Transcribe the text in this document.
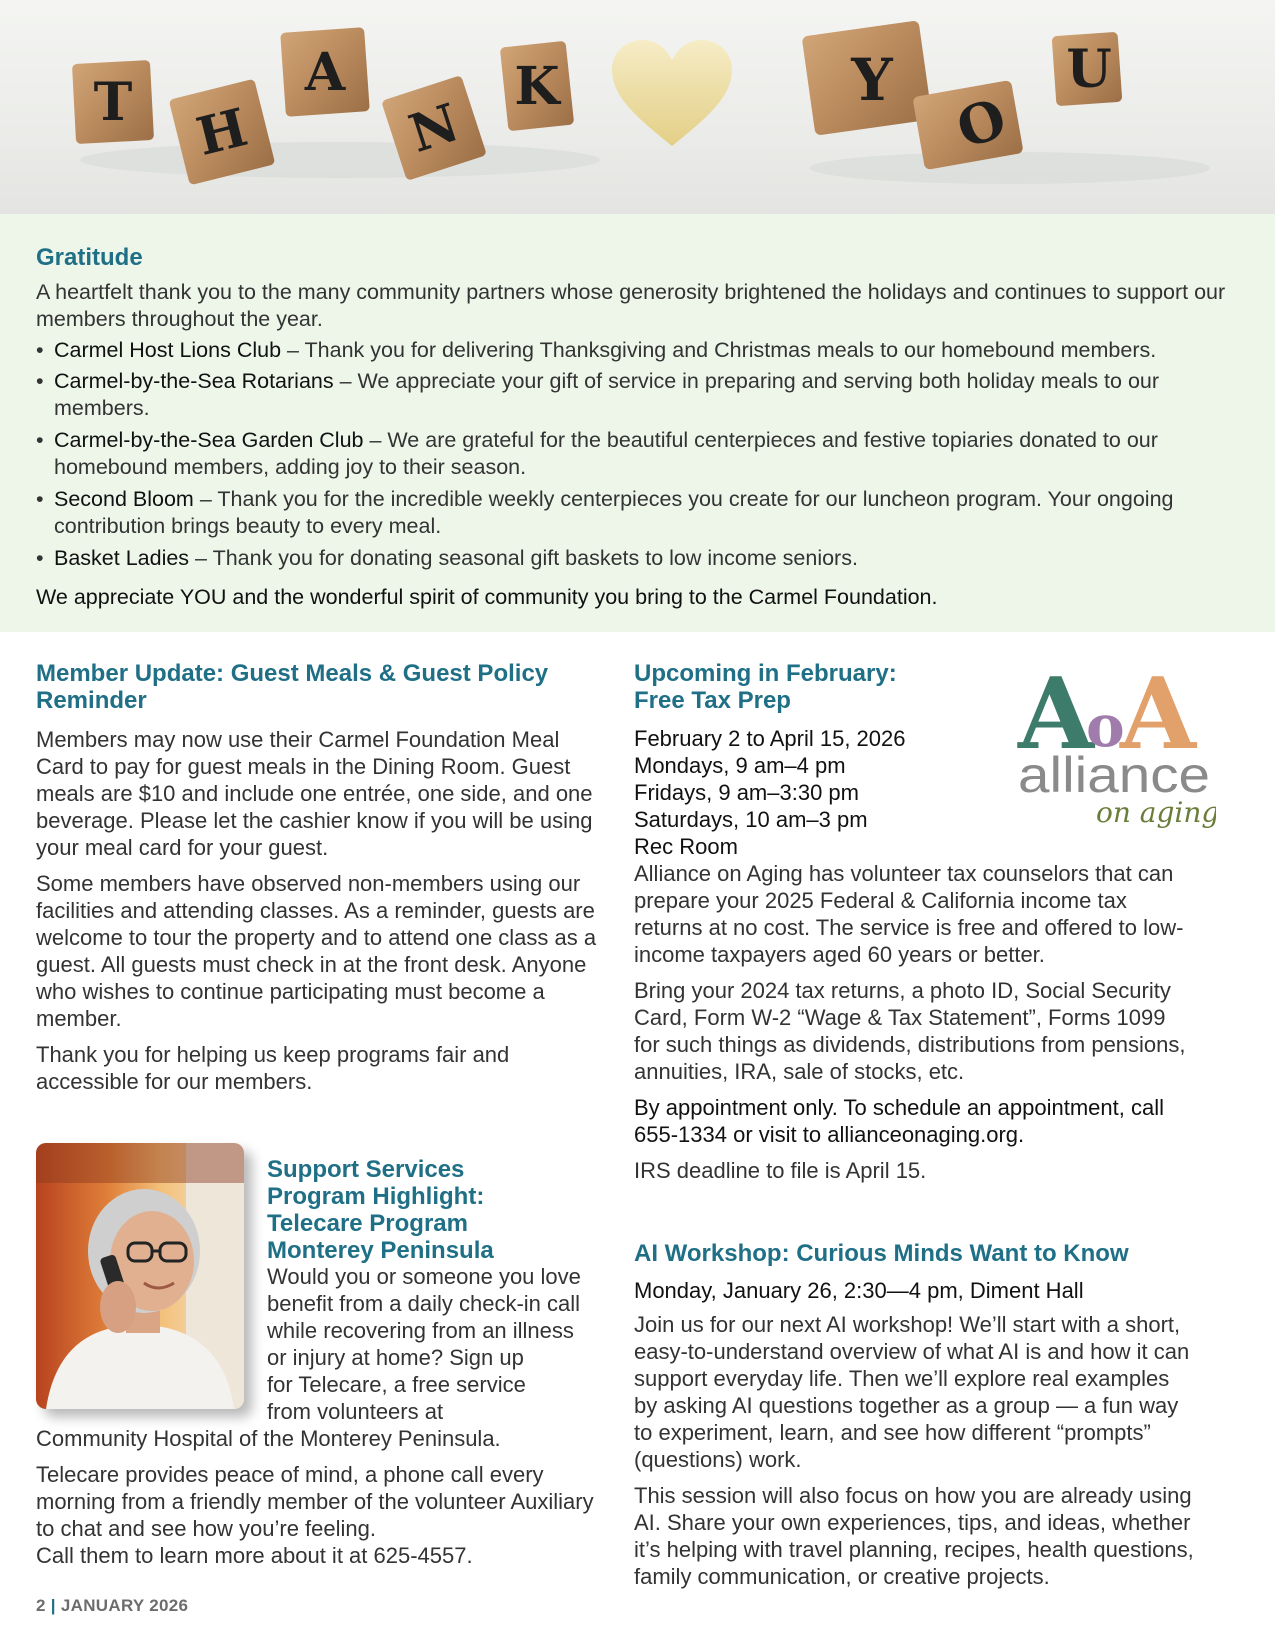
T H
A
N
K	Y
O
U
Gratitude

A heartfelt thank you to the many community partners whose generosity brightened the holidays and continues to support our members throughout the year.

• Carmel Host Lions Club – Thank you for delivering Thanksgiving and Christmas meals to our homebound members.
• Carmel-by-the-Sea Rotarians – We appreciate your gift of service in preparing and serving both holiday meals to our members.
• Carmel-by-the-Sea Garden Club – We are grateful for the beautiful centerpieces and festive topiaries donated to our homebound members, adding joy to their season.
• Second Bloom – Thank you for the incredible weekly centerpieces you create for our luncheon program. Your ongoing contribution brings beauty to every meal.
• Basket Ladies – Thank you for donating seasonal gift baskets to low income seniors.

We appreciate YOU and the wonderful spirit of community you bring to the Carmel Foundation.

Member Update: Guest Meals & Guest Policy Reminder

Members may now use their Carmel Foundation Meal Card to pay for guest meals in the Dining Room. Guest meals are $10 and include one entrée, one side, and one beverage. Please let the cashier know if you will be using your meal card for your guest.

Some members have observed non-members using our facilities and attending classes. As a reminder, guests are welcome to tour the property and to attend one class as a guest. All guests must check in at the front desk. Anyone who wishes to continue participating must become a member.

Thank you for helping us keep programs fair and accessible for our members.

Support Services
Program Highlight:
Telecare Program
Monterey Peninsula
Would you or someone you love
benefit from a daily check-in call
while recovering from an illness
or injury at home? Sign up
for Telecare, a free service
from volunteers at

Community Hospital of the Monterey Peninsula.

Telecare provides peace of mind, a phone call every morning from a friendly member of the volunteer Auxiliary to chat and see how you’re feeling.

Call them to learn more about it at 625-4557.

A
o
A
alliance
on aging
Upcoming in February:
Free Tax Prep
February 2 to April 15, 2026
Mondays, 9 am–4 pm
Fridays, 9 am–3:30 pm
Saturdays, 10 am–3 pm
Rec Room

Alliance on Aging has volunteer tax counselors that can prepare your 2025 Federal & California income tax returns at no cost. The service is free and offered to low-income taxpayers aged 60 years or better.

Bring your 2024 tax returns, a photo ID, Social Security Card, Form W-2 “Wage & Tax Statement”, Forms 1099 for such things as dividends, distributions from pensions, annuities, IRA, sale of stocks, etc.

By appointment only. To schedule an appointment, call 655-1334 or visit to allianceonaging.org.

IRS deadline to file is April 15.

AI Workshop: Curious Minds Want to Know

Monday, January 26, 2:30—4 pm, Diment Hall

Join us for our next AI workshop! We’ll start with a short, easy-to-understand overview of what AI is and how it can support everyday life. Then we’ll explore real examples by asking AI questions together as a group — a fun way to experiment, learn, and see how different “prompts” (questions) work.

This session will also focus on how you are already using AI. Share your own experiences, tips, and ideas, whether it’s helping with travel planning, recipes, health questions, family communication, or creative projects.

2 | JANUARY 2026
